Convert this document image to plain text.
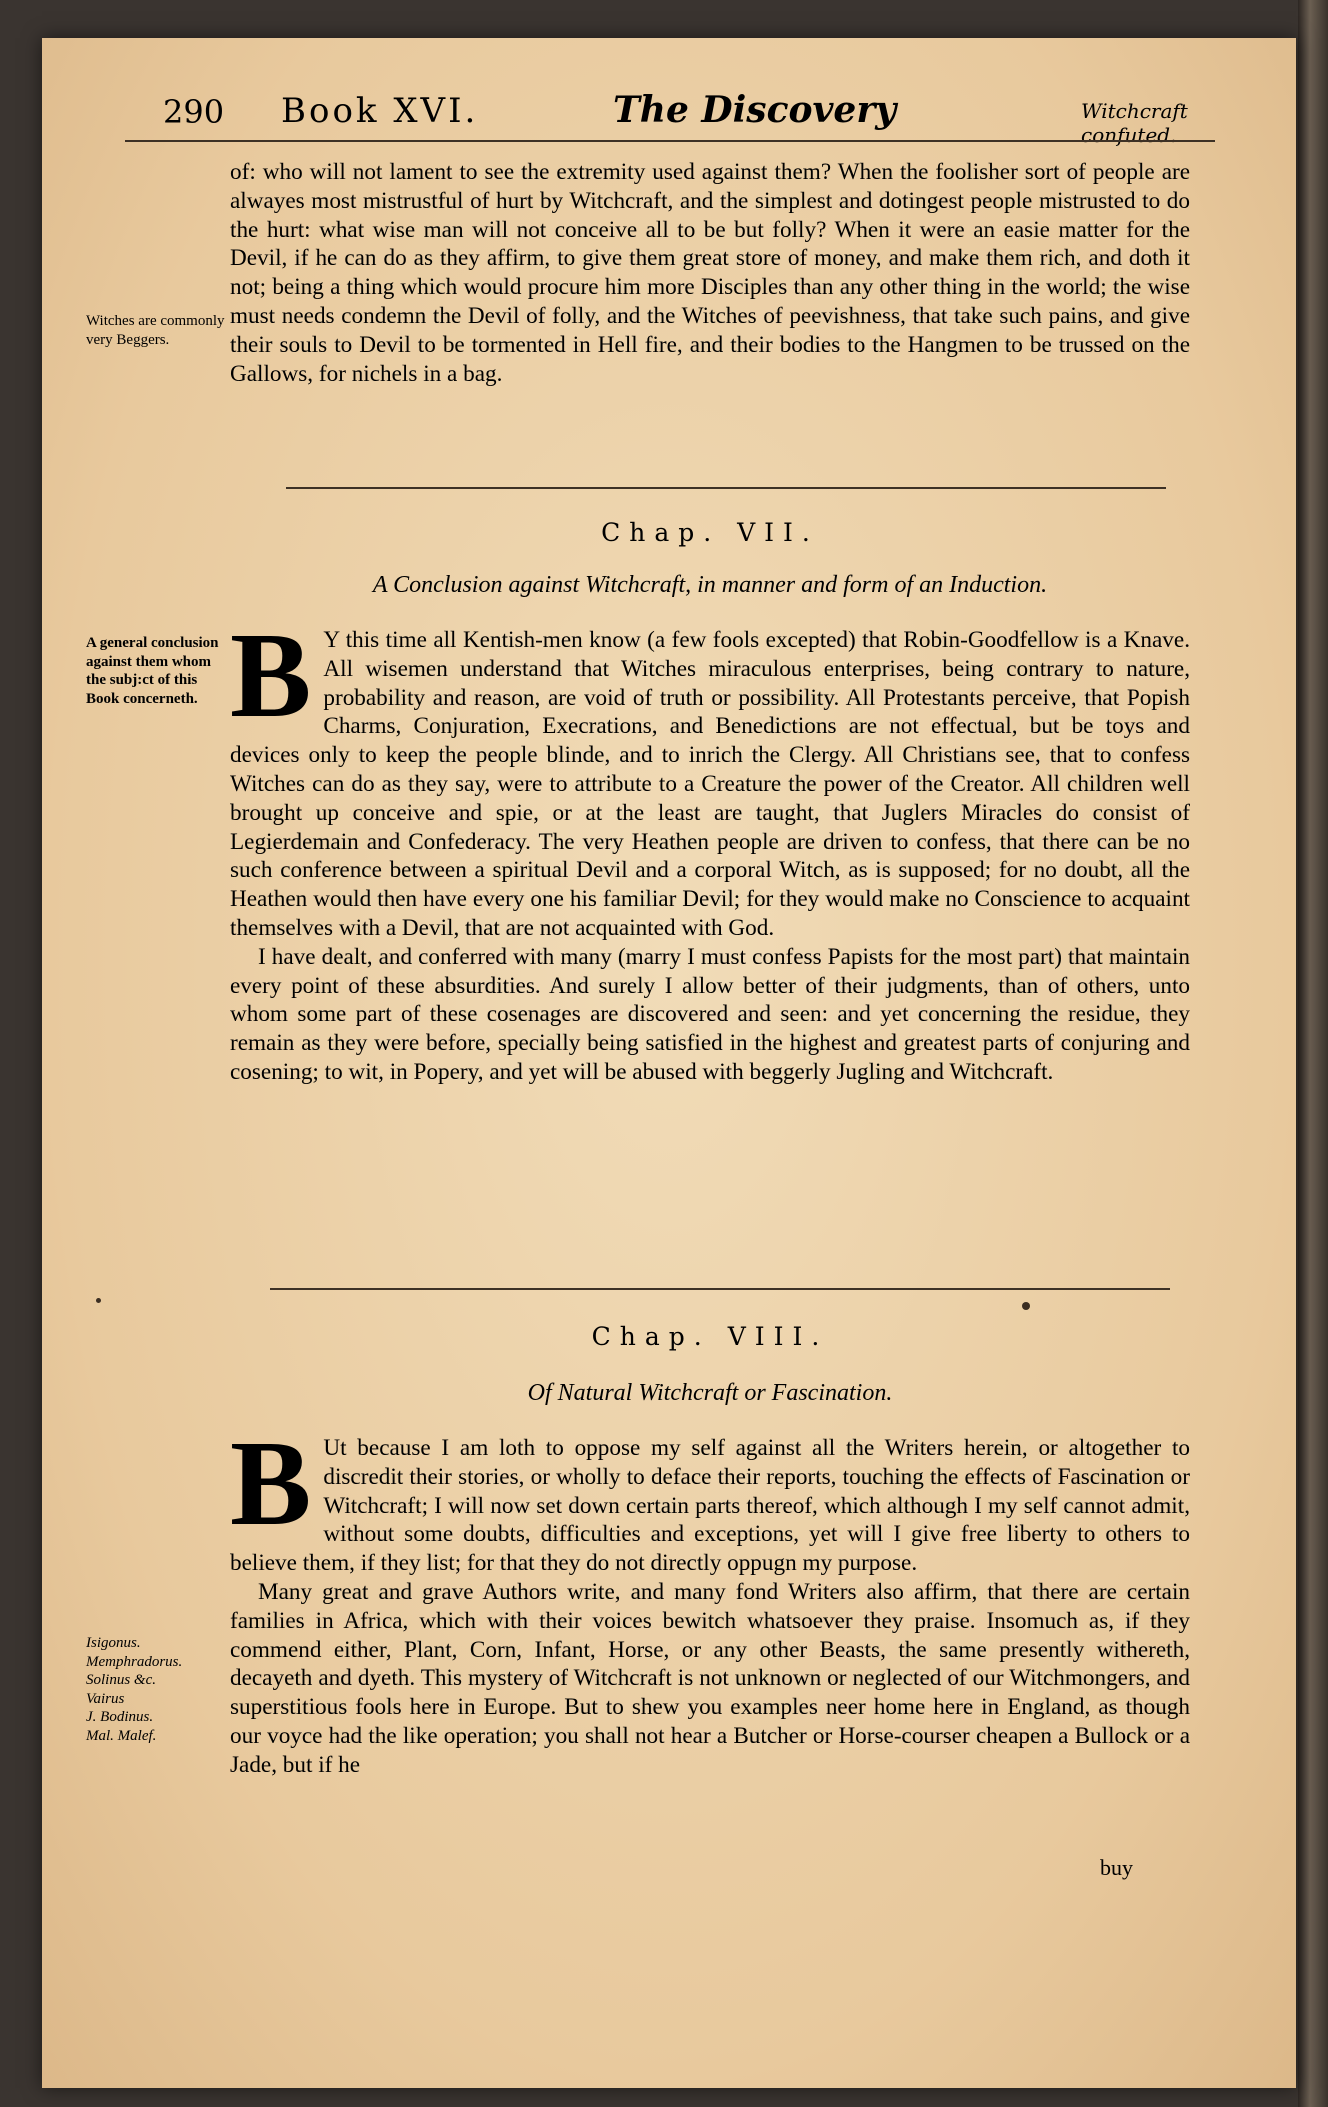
290 Book XVI.	The Discovery	Witchcraft confuted.
Witches are commonly very Beggers.

of: who will not lament to see the extremity used against them? When the foolisher sort of people are alwayes most mistrustful of hurt by Witchcraft, and the simplest and dotingest people mistrusted to do the hurt: what wise man will not conceive all to be but folly? When it were an easie matter for the Devil, if he can do as they affirm, to give them great store of money, and make them rich, and doth it not; being a thing which would procure him more Disciples than any other thing in the world; the wise must needs condemn the Devil of folly, and the Witches of peevishness, that take such pains, and give their souls to Devil to be tormented in Hell fire, and their bodies to the Hangmen to be trussed on the Gallows, for nichels in a bag.

Chap. VII.
A Conclusion against Witchcraft, in manner and form of an Induction.
A general conclusion against them whom the subj:ct of this Book concerneth. B Y this time all Kentish-men know (a few fools excepted) that Robin-Goodfellow is a Knave. All wisemen understand that Witches miraculous enterprises, being contrary to nature, probability and reason, are void of truth or possibility. All Protestants perceive, that Popish Charms, Conjuration, Execrations, and Benedictions are not effectual, but be toys and devices only to keep the people blinde, and to inrich the Clergy. All Christians see, that to confess Witches can do as they say, were to attribute to a Creature the power of the Creator. All children well brought up conceive and spie, or at the least are taught, that Juglers Miracles do consist of Legierdemain and Confederacy. The very Heathen people are driven to confess, that there can be no such conference between a spiritual Devil and a corporal Witch, as is supposed; for no doubt, all the Heathen would then have every one his familiar Devil; for they would make no Conscience to acquaint themselves with a Devil, that are not acquainted with God.

I have dealt, and conferred with many (marry I must confess Papists for the most part) that maintain every point of these absurdities. And surely I allow better of their judgments, than of others, unto whom some part of these cosenages are discovered and seen: and yet concerning the residue, they remain as they were before, specially being satisfied in the highest and greatest parts of conjuring and cosening; to wit, in Popery, and yet will be abused with beggerly Jugling and Witchcraft.

Chap. VIII.
Of Natural Witchcraft or Fascination.

B Ut because I am loth to oppose my self against all the Writers herein, or altogether to discredit their stories, or wholly to deface their reports, touching the effects of Fascination or Witchcraft; I will now set down certain parts thereof, which although I my self cannot admit, without some doubts, difficulties and exceptions, yet will I give free liberty to others to believe them, if they list; for that they do not directly oppugn my purpose.

Many great and grave Authors write, and many fond Writers also affirm, that there are certain families in Africa, which with their voices bewitch whatsoever they praise. Insomuch as, if they commend either, Plant, Corn, Infant, Horse, or any other Beasts, the same presently withereth, decayeth and dyeth. This mystery of Witchcraft is not unknown or neglected of our Witchmongers, and superstitious fools here in Europe. But to shew you examples neer home here in England, as though our voyce had the like operation; you shall not hear a Butcher or Horse-courser cheapen a Bullock or a Jade, but if he

Isigonus.
Memphradorus.
Solinus &c.
Vairus
J. Bodinus.
Mal. Malef.
buy
